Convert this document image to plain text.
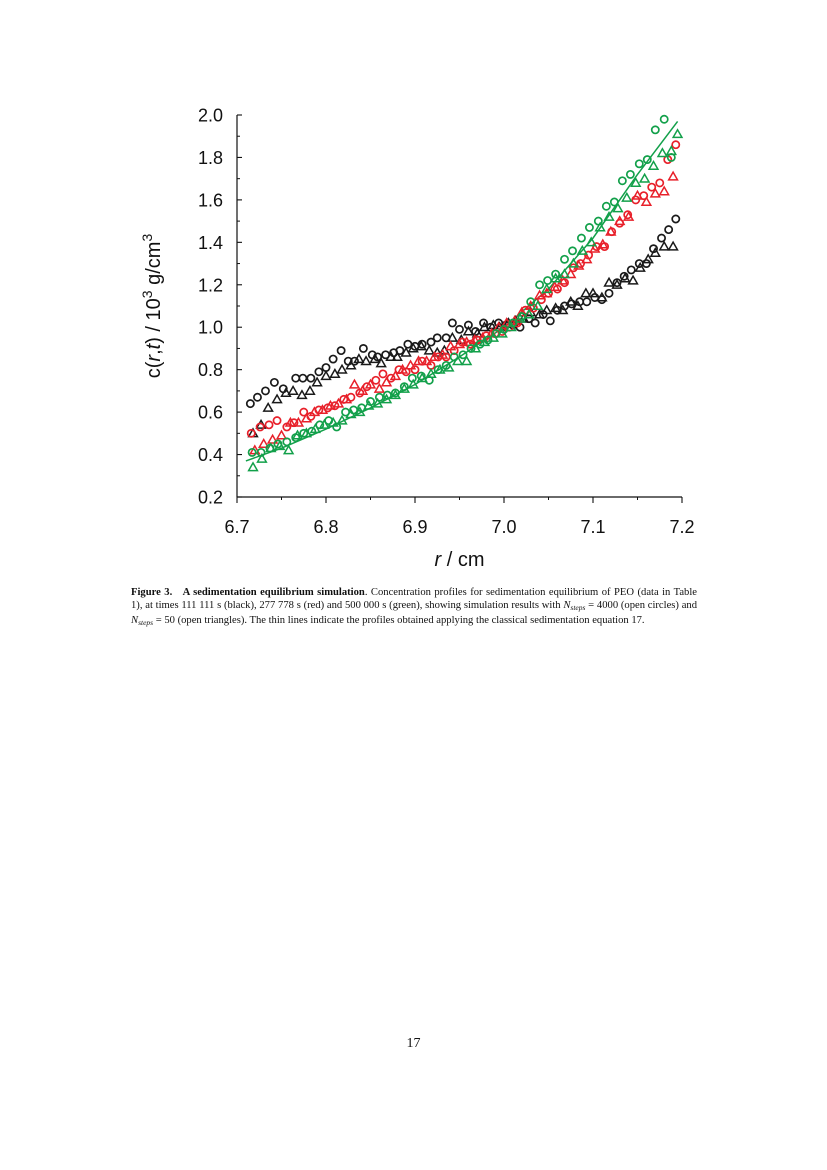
0.2
0.4
0.6
0.8
1.0
1.2
1.4
1.6
1.8
2.0
6.7	6.8	6.9	7.0	7.1	7.2
r / cm
$c(r,t) / 10^3$ $g/cm^3$
Figure 3. A sedimentation equilibrium simulation. Concentration profiles for sedimentation equilibrium of PEO (data in Table 1), at times 111 111 s (black), 277 778 s (red) and 500 000 s (green), showing simulation results with $N_{steps} = 4000$ (open circles) and $N_{steps} = 50$ (open triangles). The thin lines indicate the profiles obtained applying the classical sedimentation equation 17.
17
